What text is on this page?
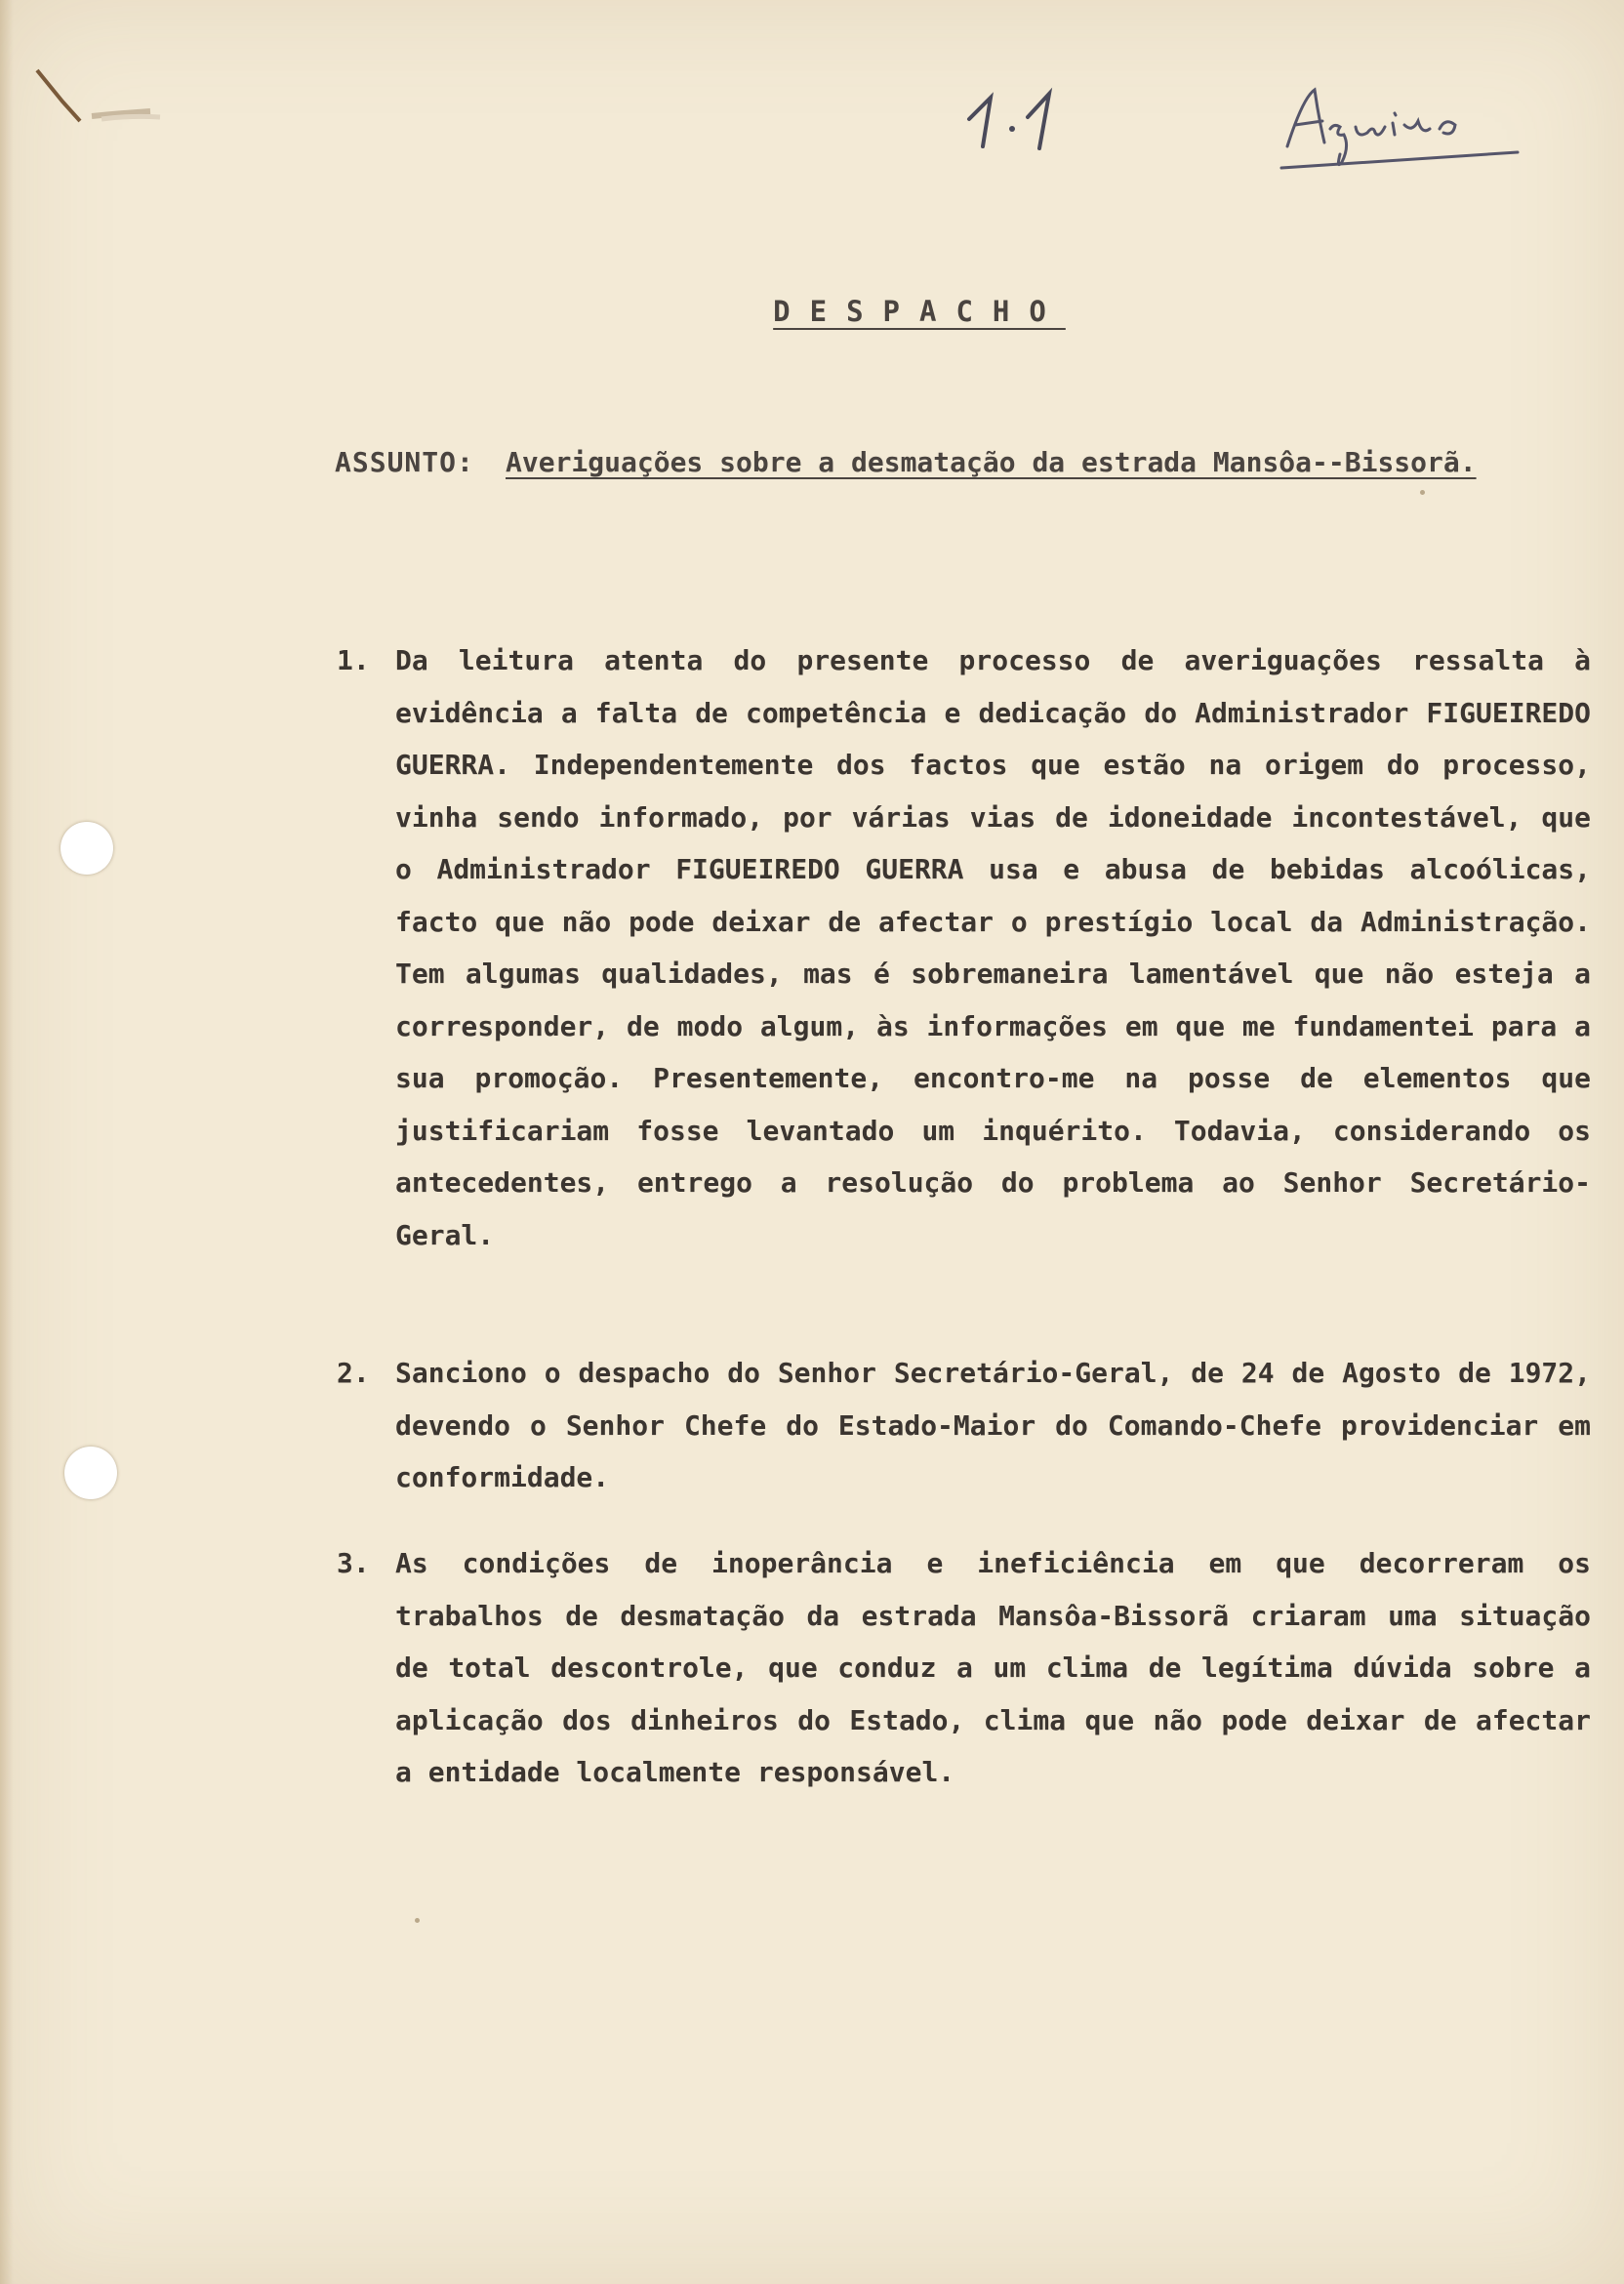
DESPACHO
ASSUNTO: Averiguações sobre a desmatação da estrada Mansôa--Bissorã.
1. Da leitura atenta do presente processo de averiguações ressalta à evidência a falta de competência e dedicação do Administrador FIGUEIREDO GUERRA. Independentemente dos factos que estão na origem do processo, vinha sendo informado, por várias vias de idoneidade incontestável, que o Administrador FIGUEIREDO GUERRA usa e abusa de bebidas alcoólicas, facto que não pode deixar de afectar o prestígio local da Administração. Tem algumas qualidades, mas é sobremaneira lamentável que não esteja a corresponder, de modo algum, às informações em que me fundamentei para a sua promoção. Presentemente, encontro-me na posse de elementos que justificariam fosse levantado um inquérito. Todavia, considerando os antecedentes, entrego a resolução do problema ao Senhor Secretário-Geral.
2. Sanciono o despacho do Senhor Secretário-Geral, de 24 de Agosto de 1972, devendo o Senhor Chefe do Estado-Maior do Comando-Chefe providenciar em conformidade.
3. As condições de inoperância e ineficiência em que decorreram os trabalhos de desmatação da estrada Mansôa-Bissorã criaram uma situação de total descontrole, que conduz a um clima de legítima dúvida sobre a aplicação dos dinheiros do Estado, clima que não pode deixar de afectar a entidade localmente responsável.
